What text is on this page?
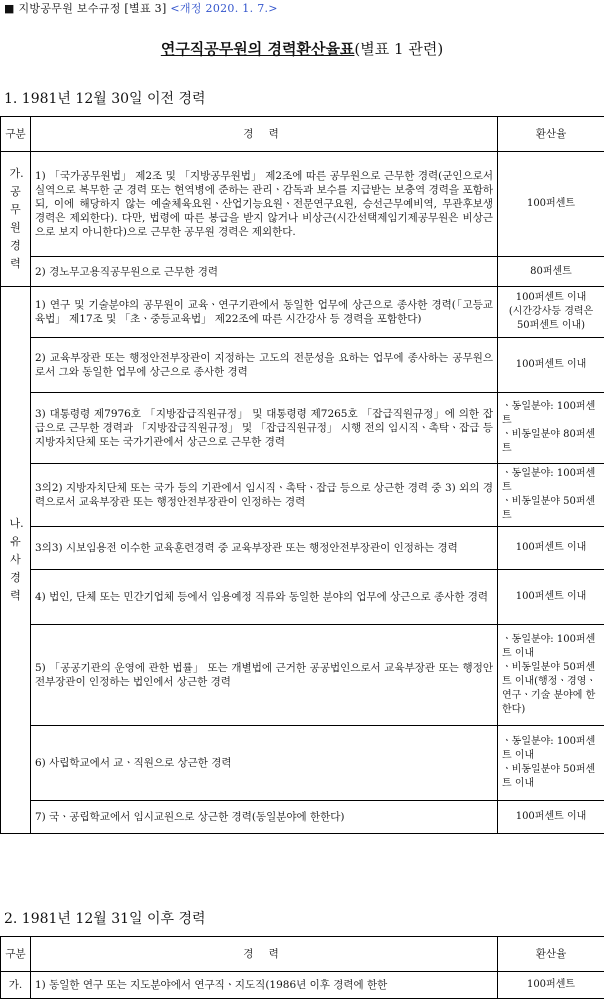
■ 지방공무원 보수규정 [별표 3] <개정 2020. 1. 7.>
연구직공무원의 경력환산율표(별표 1 관련)
1. 1981년 12월 30일 이전 경력
구분	경 력	환산율
가. 공무원 경력	1) 「국가공무원법」 제2조 및 「지방공무원법」 제2조에 따른 공무원으로 근무한 경력(군인으로서 실역으로 복무한 군 경력 또는 현역병에 준하는 관리ㆍ감독과 보수를 지급받는 보충역 경력을 포함하되, 이에 해당하지 않는 예술체육요원ㆍ산업기능요원ㆍ전문연구요원, 승선근무예비역, 무관후보생 경력은 제외한다). 다만, 법령에 따른 봉급을 받지 않거나 비상근(시간선택제임기제공무원은 비상근으로 보지 아니한다)으로 근무한 공무원 경력은 제외한다.	100퍼센트
	2) 경노무고용직공무원으로 근무한 경력	80퍼센트
나. 유사경력	1) 연구 및 기술분야의 공무원이 교육ㆍ연구기관에서 동일한 업무에 상근으로 종사한 경력(「고등교육법」 제17조 및 「초ㆍ중등교육법」 제22조에 따른 시간강사 등 경력을 포함한다)	100퍼센트 이내
(시간강사등 경력은
50퍼센트 이내)

	2) 교육부장관 또는 행정안전부장관이 지정하는 고도의 전문성을 요하는 업무에 종사하는 공무원으로서 그와 동일한 업무에 상근으로 종사한 경력	100퍼센트 이내
	3) 대통령령 제7976호 「지방잡급직원규정」 및 대통령령 제7265호 「잡급직원규정」에 의한 잡급으로 근무한 경력과 「지방잡급직원규정」 및 「잡급직원규정」 시행 전의 임시직ㆍ촉탁ㆍ잡급 등 지방자치단체 또는 국가기관에서 상근으로 근무한 경력	ㆍ동일분야: 100퍼센트
ㆍ비동일분야 80퍼센트

	3의2) 지방자치단체 또는 국가 등의 기관에서 임시직ㆍ촉탁ㆍ잡급 등으로 상근한 경력 중 3) 외의 경력으로서 교육부장관 또는 행정안전부장관이 인정하는 경력	ㆍ동일분야: 100퍼센트
ㆍ비동일분야 50퍼센트

	3의3) 시보임용전 이수한 교육훈련경력 중 교육부장관 또는 행정안전부장관이 인정하는 경력	100퍼센트 이내
	4) 법인, 단체 또는 민간기업체 등에서 임용예정 직류와 동일한 분야의 업무에 상근으로 종사한 경력	100퍼센트 이내
	5) 「공공기관의 운영에 관한 법률」 또는 개별법에 근거한 공공법인으로서 교육부장관 또는 행정안전부장관이 인정하는 법인에서 상근한 경력	ㆍ동일분야: 100퍼센트 이내
ㆍ비동일분야 50퍼센트 이내(행정ㆍ경영ㆍ연구ㆍ기술 분야에 한한다)

	6) 사립학교에서 교ㆍ직원으로 상근한 경력	ㆍ동일분야: 100퍼센트 이내
ㆍ비동일분야 50퍼센트 이내

	7) 국ㆍ공립학교에서 임시교원으로 상근한 경력(동일분야에 한한다)	100퍼센트 이내
2. 1981년 12월 31일 이후 경력
구분	경 력	환산율
가.	1) 동일한 연구 또는 지도분야에서 연구직ㆍ지도직(1986년 이후 경력에 한한	100퍼센트
